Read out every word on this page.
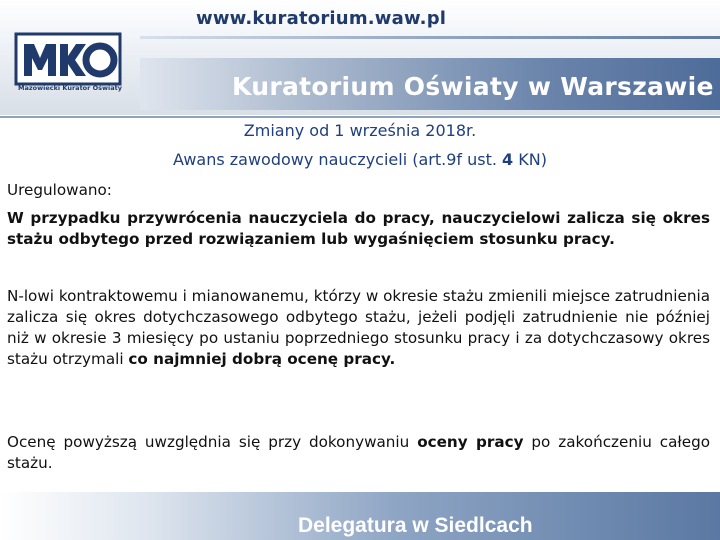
www.kuratorium.waw.pl
Kuratorium Oświaty w Warszawie
Mazowiecki Kurator Oświaty
Zmiany od 1 września 2018r.
Awans zawodowy nauczycieli (art.9f ust. 4 KN)
Uregulowano:
W przypadku przywrócenia nauczyciela do pracy, nauczycielowi zalicza się okres stażu odbytego przed rozwiązaniem lub wygaśnięciem stosunku pracy.
N-lowi kontraktowemu i mianowanemu, którzy w okresie stażu zmienili miejsce zatrudnienia zalicza się okres dotychczasowego odbytego stażu, jeżeli podjęli zatrudnienie nie później niż w okresie 3 miesięcy po ustaniu poprzedniego stosunku pracy i za dotychczasowy okres stażu otrzymali co najmniej dobrą ocenę pracy.
Ocenę powyższą uwzględnia się przy dokonywaniu oceny pracy po zakończeniu całego stażu.
Delegatura w Siedlcach
